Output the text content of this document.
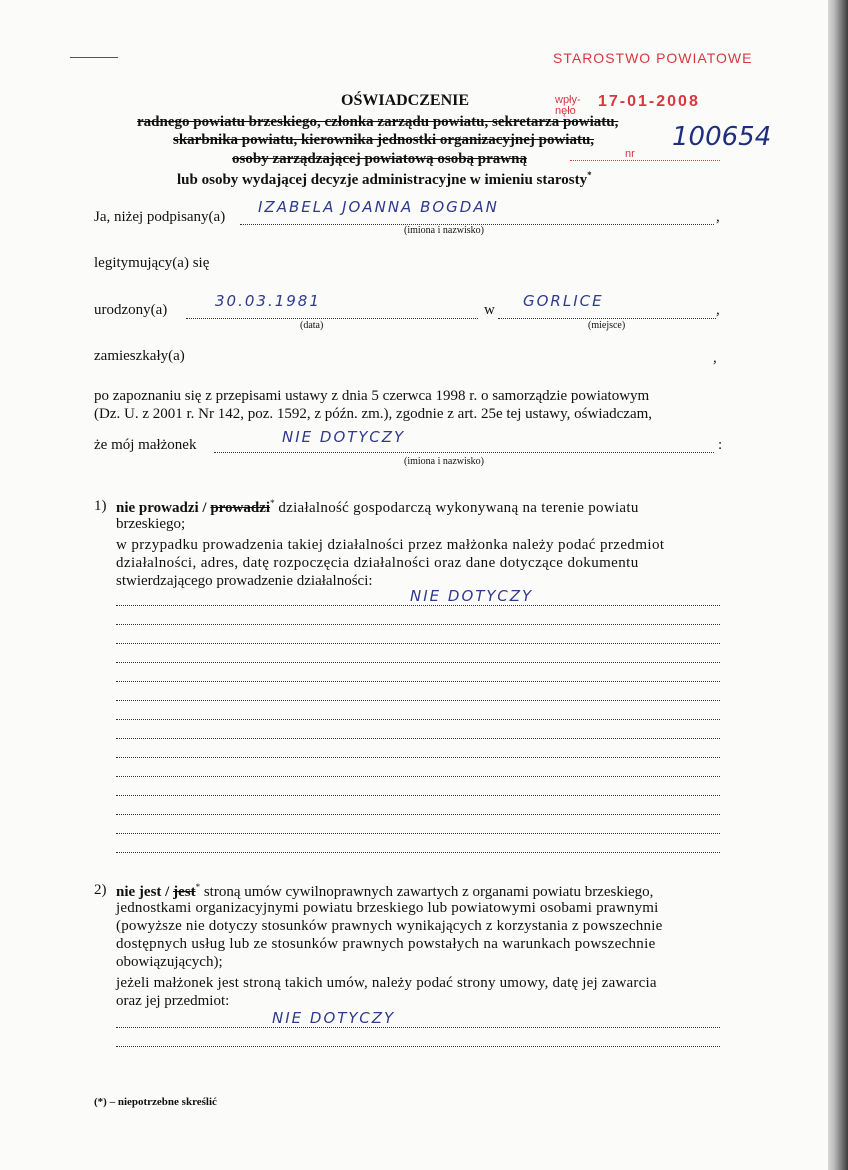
STAROSTWO POWIATOWE
wpły-
nęło
17-01-2008
nr
100654
OŚWIADCZENIE
radnego powiatu brzeskiego, członka zarządu powiatu, sekretarza powiatu,
skarbnika powiatu, kierownika jednostki organizacyjnej powiatu,
osoby zarządzającej powiatową osobą prawną
lub osoby wydającej decyzje administracyjne w imieniu starosty*
Ja, niżej podpisany(a)	,
IZABELA JOANNA BOGDAN
(imiona i nazwisko)
legitymujący(a) się
urodzony(a)	30.03.1981
(data)
w	,
GORLICE
(miejsce)
zamieszkały(a)	,
po zapoznaniu się z przepisami ustawy z dnia 5 czerwca 1998 r. o samorządzie powiatowym
(Dz. U. z 2001 r. Nr 142, poz. 1592, z późn. zm.), zgodnie z art. 25e tej ustawy, oświadczam,
że mój małżonek	:
NIE DOTYCZY
(imiona i nazwisko)
1) nie prowadzi / prowadzi* działalność gospodarczą wykonywaną na terenie powiatu
brzeskiego;
w przypadku prowadzenia takiej działalności przez małżonka należy podać przedmiot
działalności, adres, datę rozpoczęcia działalności oraz dane dotyczące dokumentu
stwierdzającego prowadzenie działalności:
NIE DOTYCZY
2) nie jest / jest* stroną umów cywilnoprawnych zawartych z organami powiatu brzeskiego,
jednostkami organizacyjnymi powiatu brzeskiego lub powiatowymi osobami prawnymi
(powyższe nie dotyczy stosunków prawnych wynikających z korzystania z powszechnie
dostępnych usług lub ze stosunków prawnych powstałych na warunkach powszechnie
obowiązujących);
jeżeli małżonek jest stroną takich umów, należy podać strony umowy, datę jej zawarcia
oraz jej przedmiot:
NIE DOTYCZY
(*) – niepotrzebne skreślić
